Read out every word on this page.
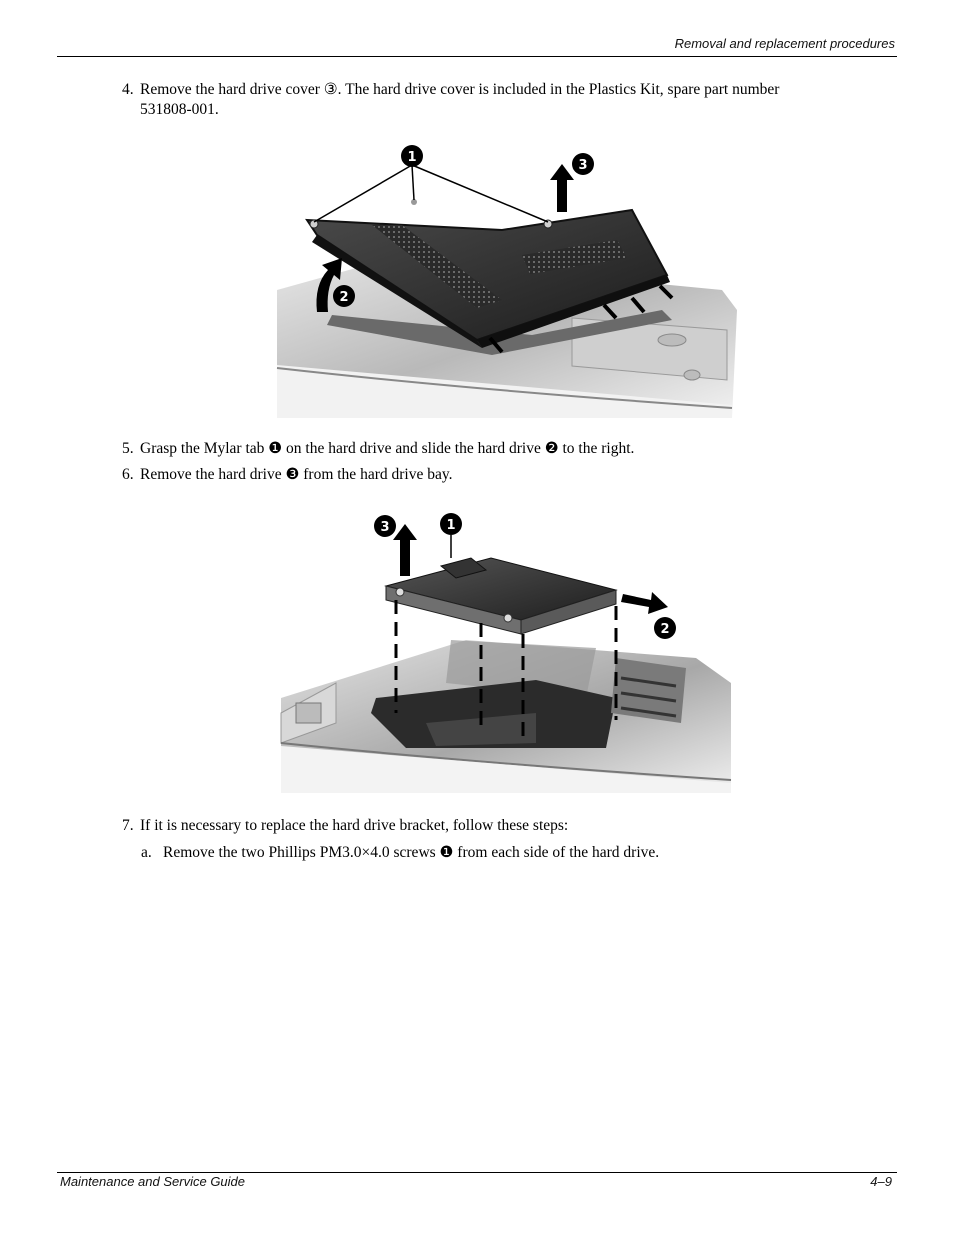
Removal and replacement procedures
4. Remove the hard drive cover ③. The hard drive cover is included in the Plastics Kit, spare part number
531808-001.
1
3
2
5. Grasp the Mylar tab ❶ on the hard drive and slide the hard drive ❷ to the right.
6. Remove the hard drive ❸ from the hard drive bay.
1
3
2
7. If it is necessary to replace the hard drive bracket, follow these steps:
a. Remove the two Phillips PM3.0×4.0 screws ❶ from each side of the hard drive.
Maintenance and Service Guide	4–9
